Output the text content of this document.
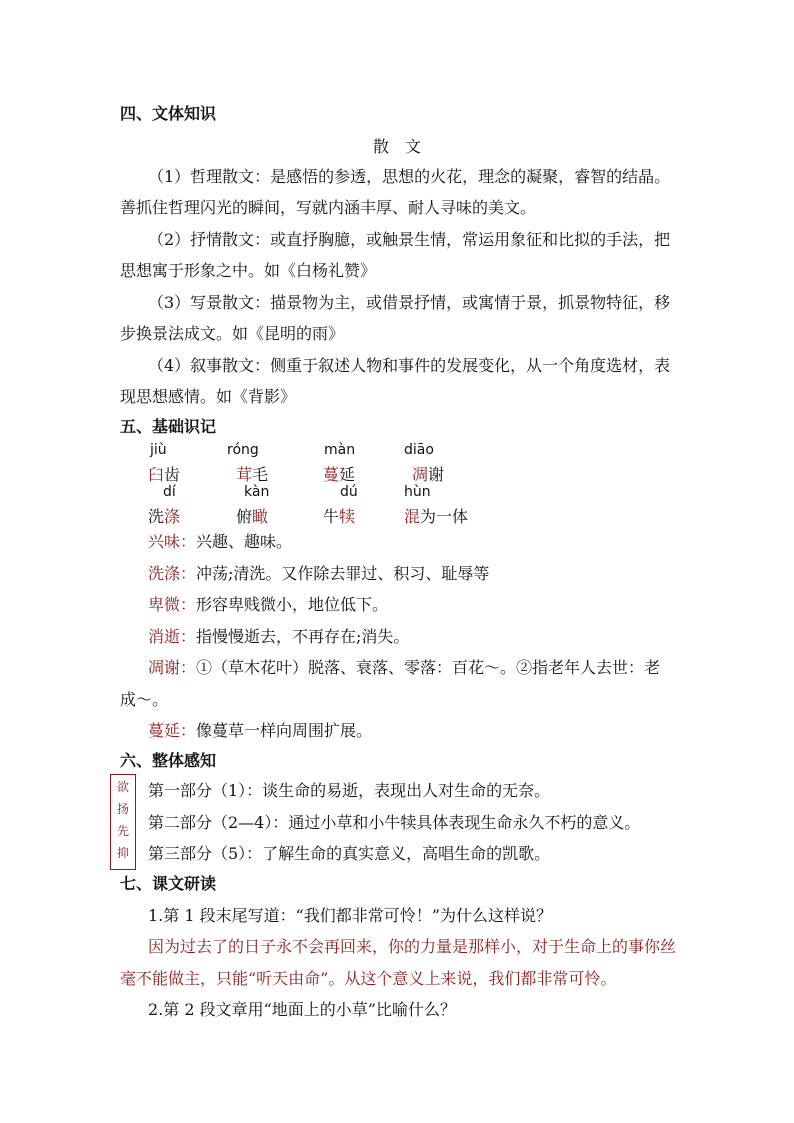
四、文体知识
散　文
（1）哲理散文：是感悟的参透，思想的火花，理念的凝聚，睿智的结晶。
善抓住哲理闪光的瞬间，写就内涵丰厚、耐人寻味的美文。
（2）抒情散文：或直抒胸臆，或触景生情，常运用象征和比拟的手法，把
思想寓于形象之中。如《白杨礼赞》
（3）写景散文：描景物为主，或借景抒情，或寓情于景，抓景物特征，移
步换景法成文。如《昆明的雨》
（4）叙事散文：侧重于叙述人物和事件的发展变化，从一个角度选材，表
现思想感情。如《背影》
五、基础识记
jiù	róng	màn	diāo
臼齿	茸毛	蔓延	凋谢
dí	kàn	dú	hùn
洗涤	俯瞰	牛犊	混为一体
兴味：兴趣、趣味。
洗涤：冲荡;清洗。又作除去罪过、积习、耻辱等
卑微：形容卑贱微小，地位低下。
消逝：指慢慢逝去，不再存在;消失。
凋谢：①（草木花叶）脱落、衰落、零落：百花～。②指老年人去世：老
成～。
蔓延：像蔓草一样向周围扩展。
六、整体感知
欲
扬
先
抑
第一部分（1）：谈生命的易逝，表现出人对生命的无奈。
第二部分（2—4）：通过小草和小牛犊具体表现生命永久不朽的意义。
第三部分（5）：了解生命的真实意义，高唱生命的凯歌。
七、课文研读
1.第 1 段末尾写道：“我们都非常可怜！”为什么这样说？
因为过去了的日子永不会再回来，你的力量是那样小，对于生命上的事你丝
毫不能做主，只能“听天由命”。从这个意义上来说，我们都非常可怜。
2.第 2 段文章用“地面上的小草”比喻什么？
